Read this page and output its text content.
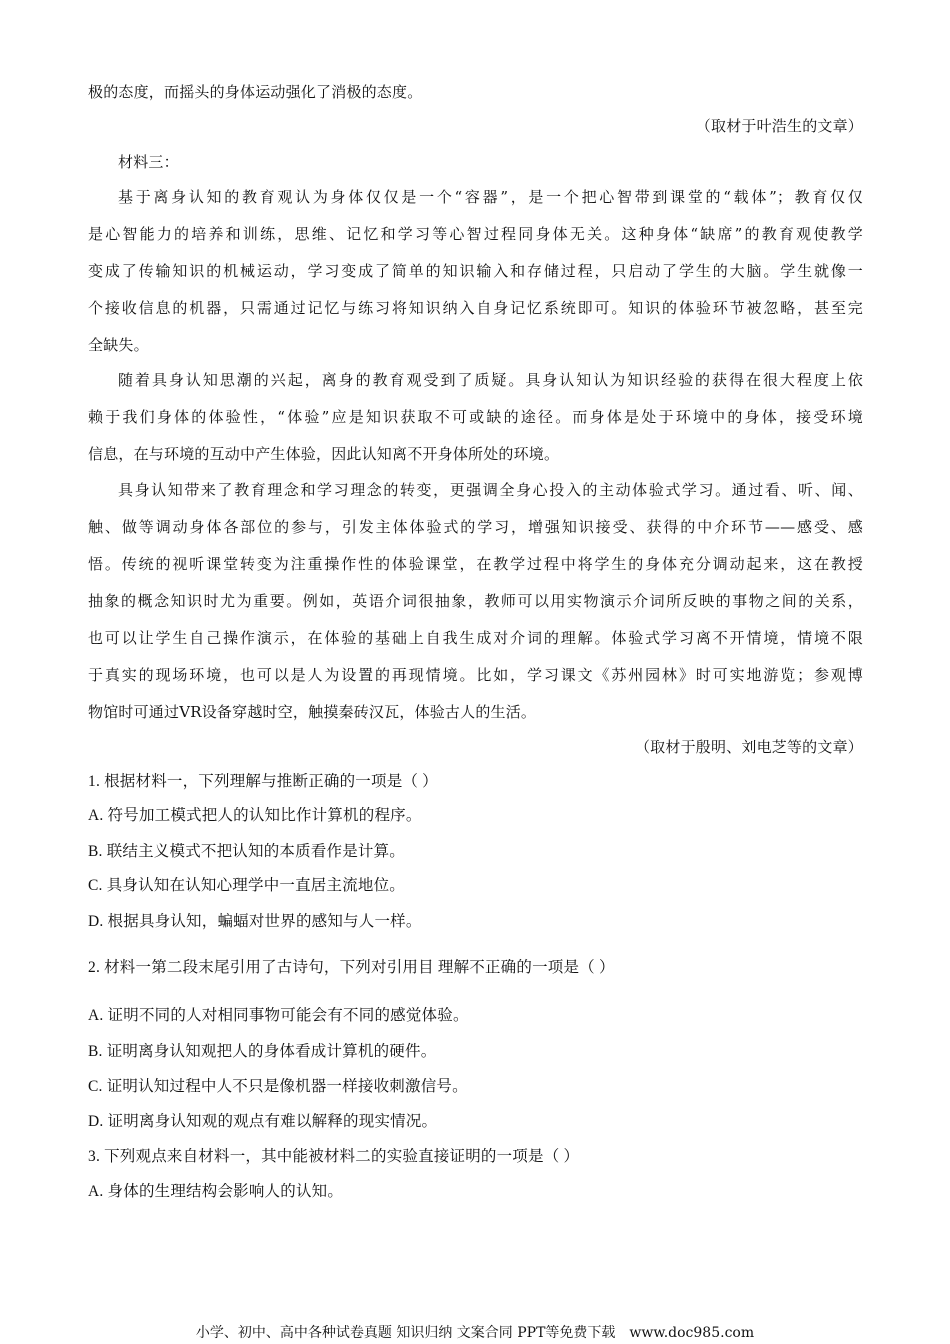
极的态度，而摇头的身体运动强化了消极的态度。
（取材于叶浩生的文章）
材料三：
基于离身认知的教育观认为身体仅仅是一个“容器”，是一个把心智带到课堂的“载体”；教育仅仅
是心智能力的培养和训练，思维、记忆和学习等心智过程同身体无关。这种身体“缺席”的教育观使教学
变成了传输知识的机械运动，学习变成了简单的知识输入和存储过程，只启动了学生的大脑。学生就像一
个接收信息的机器，只需通过记忆与练习将知识纳入自身记忆系统即可。知识的体验环节被忽略，甚至完
全缺失。
随着具身认知思潮的兴起，离身的教育观受到了质疑。具身认知认为知识经验的获得在很大程度上依
赖于我们身体的体验性，“体验”应是知识获取不可或缺的途径。而身体是处于环境中的身体，接受环境
信息，在与环境的互动中产生体验，因此认知离不开身体所处的环境。
具身认知带来了教育理念和学习理念的转变，更强调全身心投入的主动体验式学习。通过看、听、闻、
触、做等调动身体各部位的参与，引发主体体验式的学习，增强知识接受、获得的中介环节——感受、感
悟。传统的视听课堂转变为注重操作性的体验课堂，在教学过程中将学生的身体充分调动起来，这在教授
抽象的概念知识时尤为重要。例如，英语介词很抽象，教师可以用实物演示介词所反映的事物之间的关系，
也可以让学生自己操作演示，在体验的基础上自我生成对介词的理解。体验式学习离不开情境，情境不限
于真实的现场环境，也可以是人为设置的再现情境。比如，学习课文《苏州园林》时可实地游览；参观博
物馆时可通过VR设备穿越时空，触摸秦砖汉瓦，体验古人的生活。
（取材于殷明、刘电芝等的文章）
1. 根据材料一，下列理解与推断正确的一项是（ ）
A. 符号加工模式把人的认知比作计算机的程序。
B. 联结主义模式不把认知的本质看作是计算。
C. 具身认知在认知心理学中一直居主流地位。
D. 根据具身认知，蝙蝠对世界的感知与人一样。
2. 材料一第二段末尾引用了古诗句，下列对引用目 理解不正确的一项是（ ）
A. 证明不同的人对相同事物可能会有不同的感觉体验。
B. 证明离身认知观把人的身体看成计算机的硬件。
C. 证明认知过程中人不只是像机器一样接收刺激信号。
D. 证明离身认知观的观点有难以解释的现实情况。
3. 下列观点来自材料一，其中能被材料二的实验直接证明的一项是（ ）
A. 身体的生理结构会影响人的认知。
小学、初中、高中各种试卷真题 知识归纳 文案合同 PPT等免费下载 www.doc985.com
